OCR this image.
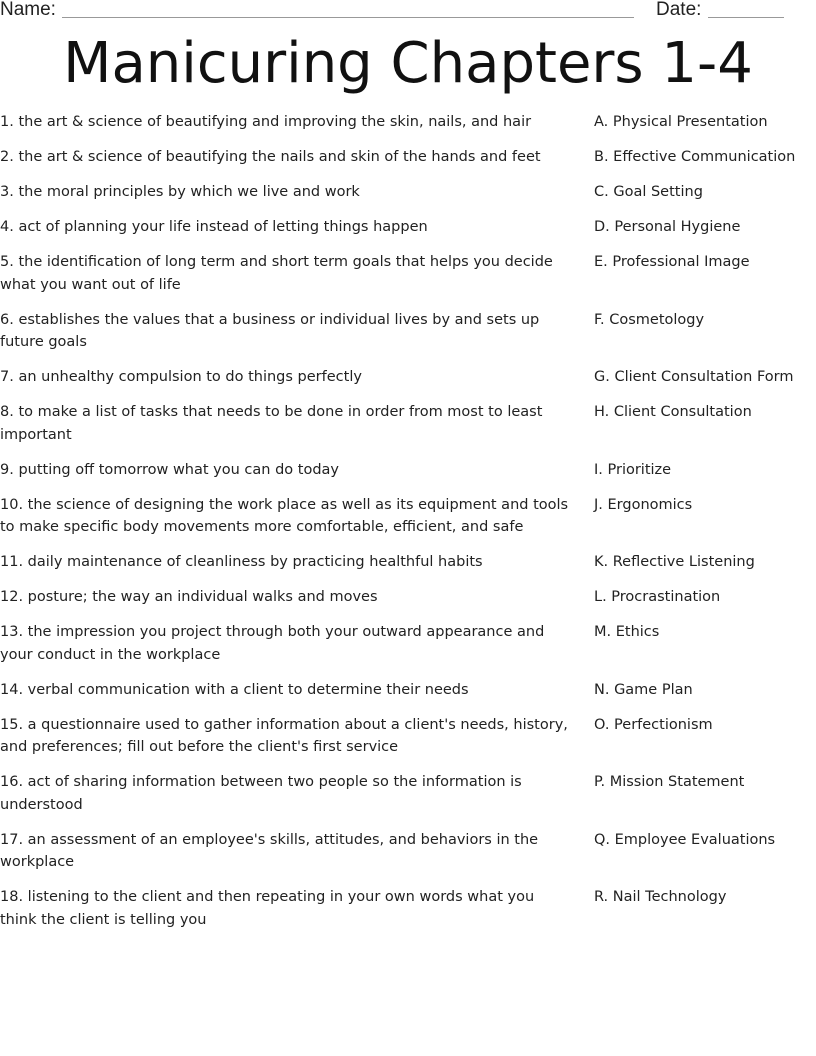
Name:	Date:
Manicuring Chapters 1-4
1. the art & science of beautifying and improving the skin, nails, and hair	A. Physical Presentation
2. the art & science of beautifying the nails and skin of the hands and feet	B. Effective Communication
3. the moral principles by which we live and work	C. Goal Setting
4. act of planning your life instead of letting things happen	D. Personal Hygiene
5. the identification of long term and short term goals that helps you decide what you want out of life
E. Professional Image
6. establishes the values that a business or individual lives by and sets up future goals
F. Cosmetology
7. an unhealthy compulsion to do things perfectly	G. Client Consultation Form
8. to make a list of tasks that needs to be done in order from most to least important
H. Client Consultation
9. putting off tomorrow what you can do today	I. Prioritize
10. the science of designing the work place as well as its equipment and tools to make specific body movements more comfortable, efficient, and safe
J. Ergonomics
11. daily maintenance of cleanliness by practicing healthful habits	K. Reflective Listening
12. posture; the way an individual walks and moves	L. Procrastination
13. the impression you project through both your outward appearance and your conduct in the workplace
M. Ethics
14. verbal communication with a client to determine their needs	N. Game Plan
15. a questionnaire used to gather information about a client's needs, history, and preferences; fill out before the client's first service
O. Perfectionism
16. act of sharing information between two people so the information is understood
P. Mission Statement
17. an assessment of an employee's skills, attitudes, and behaviors in the workplace
Q. Employee Evaluations
18. listening to the client and then repeating in your own words what you think the client is telling you
R. Nail Technology
